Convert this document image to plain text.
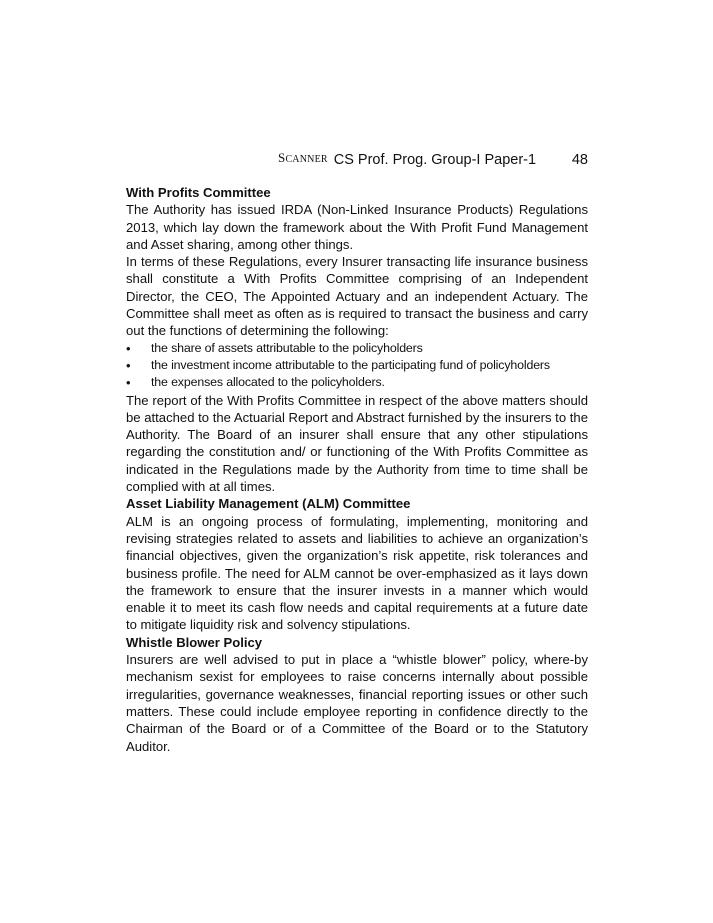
SCANNER CS Prof. Prog. Group-I Paper-1 48
With Profits Committee

The Authority has issued IRDA (Non-Linked Insurance Products) Regulations 2013, which lay down the framework about the With Profit Fund Management and Asset sharing, among other things.

In terms of these Regulations, every Insurer transacting life insurance business shall constitute a With Profits Committee comprising of an Independent Director, the CEO, The Appointed Actuary and an independent Actuary. The Committee shall meet as often as is required to transact the business and carry out the functions of determining the following:

• the share of assets attributable to the policyholders
• the investment income attributable to the participating fund of policyholders
• the expenses allocated to the policyholders.

The report of the With Profits Committee in respect of the above matters should be attached to the Actuarial Report and Abstract furnished by the insurers to the Authority. The Board of an insurer shall ensure that any other stipulations regarding the constitution and/ or functioning of the With Profits Committee as indicated in the Regulations made by the Authority from time to time shall be complied with at all times.

Asset Liability Management (ALM) Committee

ALM is an ongoing process of formulating, implementing, monitoring and revising strategies related to assets and liabilities to achieve an organization’s financial objectives, given the organization’s risk appetite, risk tolerances and business profile. The need for ALM cannot be over-emphasized as it lays down the framework to ensure that the insurer invests in a manner which would enable it to meet its cash flow needs and capital requirements at a future date to mitigate liquidity risk and solvency stipulations.

Whistle Blower Policy

Insurers are well advised to put in place a “whistle blower” policy, where-by mechanism sexist for employees to raise concerns internally about possible irregularities, governance weaknesses, financial reporting issues or other such matters. These could include employee reporting in confidence directly to the Chairman of the Board or of a Committee of the Board or to the Statutory Auditor.
